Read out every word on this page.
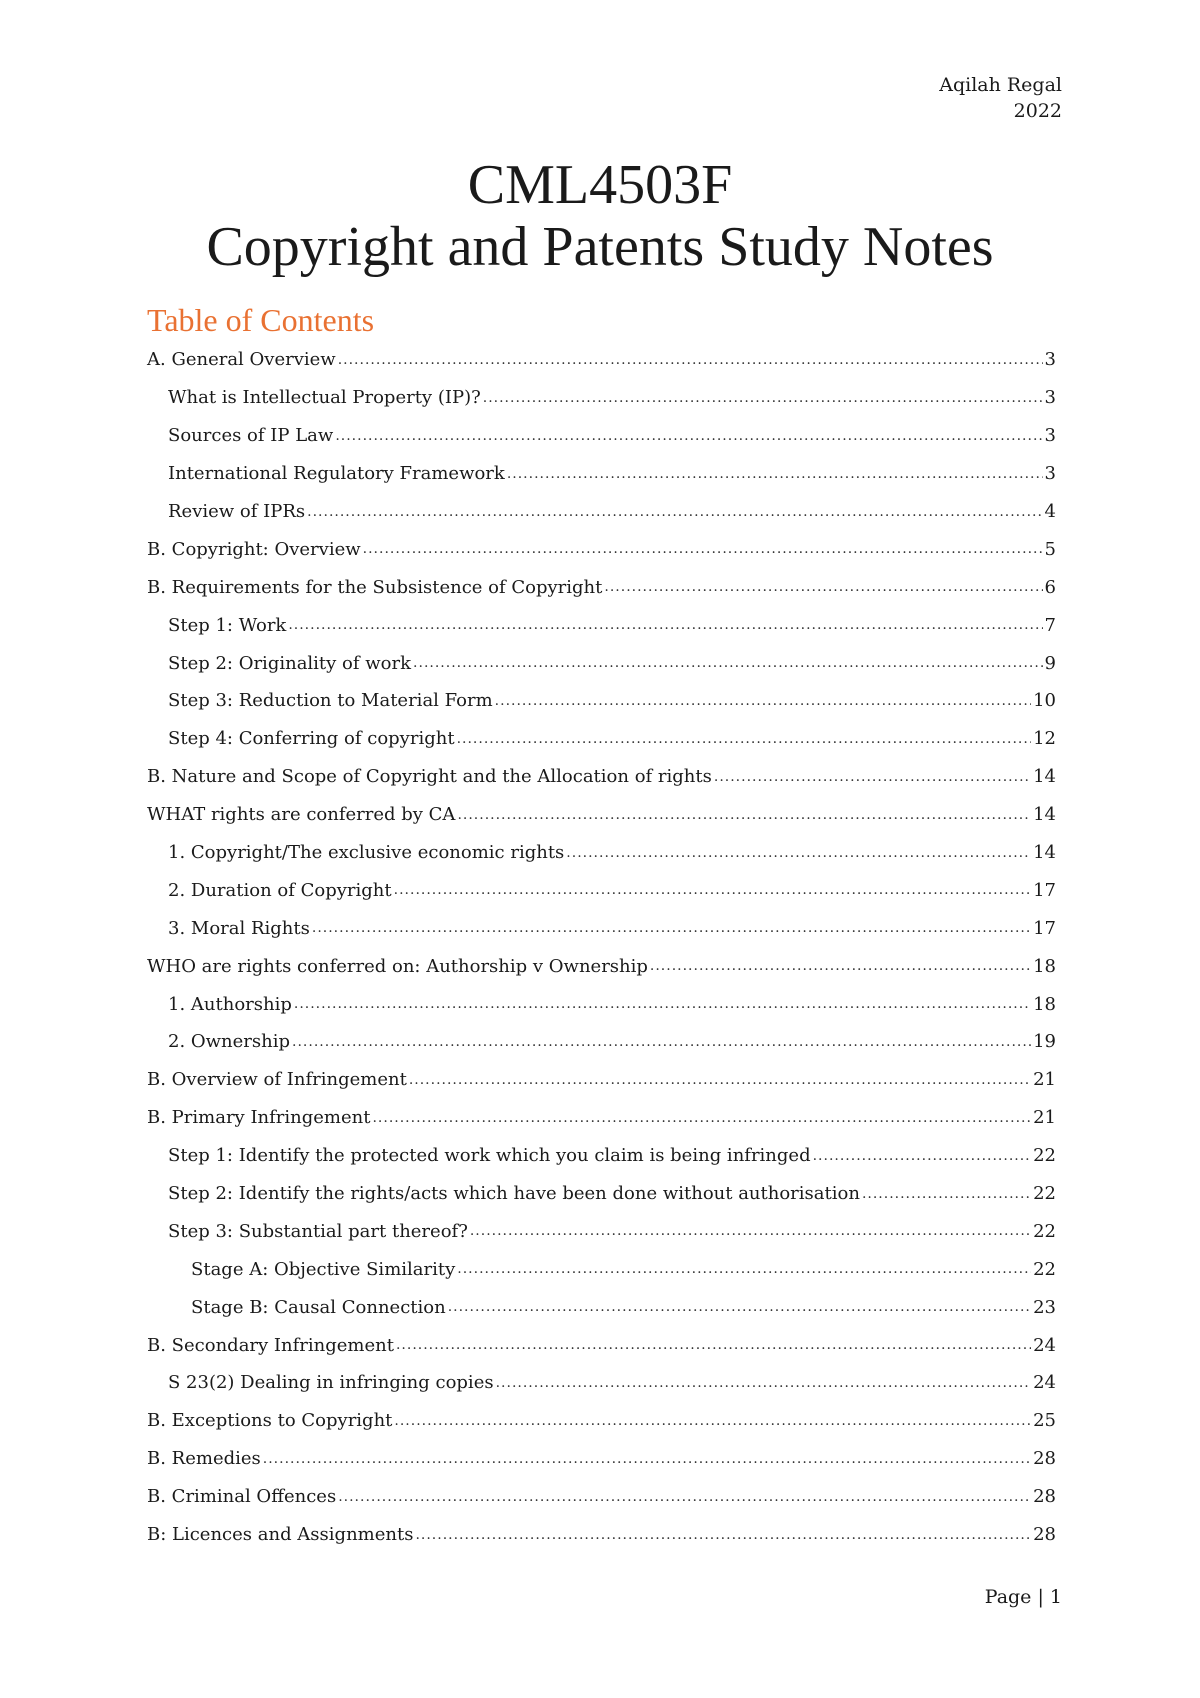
Aqilah Regal
2022
CML4503F
Copyright and Patents Study Notes
Table of Contents
A. General Overview .....	3
What is Intellectual Property (IP)? .....	3
Sources of IP Law .....	3
International Regulatory Framework .....	3
Review of IPRs .....	4
B. Copyright: Overview .....	5
B. Requirements for the Subsistence of Copyright .....	6
Step 1: Work .....	7
Step 2: Originality of work .....	9
Step 3: Reduction to Material Form .....	10
Step 4: Conferring of copyright .....	12
B. Nature and Scope of Copyright and the Allocation of rights .....	14
WHAT rights are conferred by CA .....	14
1. Copyright/The exclusive economic rights .....	14
2. Duration of Copyright .....	17
3. Moral Rights .....	17
WHO are rights conferred on: Authorship v Ownership .....	18
1. Authorship .....	18
2. Ownership .....	19
B. Overview of Infringement .....	21
B. Primary Infringement .....	21
Step 1: Identify the protected work which you claim is being infringed .....	22
Step 2: Identify the rights/acts which have been done without authorisation .....	22
Step 3: Substantial part thereof? .....	22
Stage A: Objective Similarity .....	22
Stage B: Causal Connection .....	23
B. Secondary Infringement .....	24
S 23(2) Dealing in infringing copies .....	24
B. Exceptions to Copyright .....	25
B. Remedies .....	28
B. Criminal Offences .....	28
B: Licences and Assignments .....	28
Page | 1
